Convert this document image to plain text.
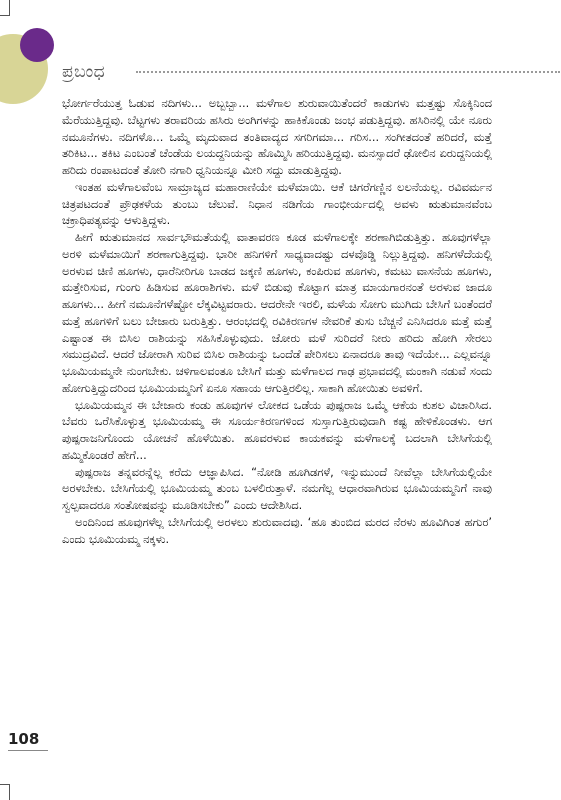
ಪ್ರಬಂಧ

ಭೋರ್ಗರೆಯುತ್ತ ಓಡುವ ನದಿಗಳು... ಅಬ್ಬಬ್ಬಾ... ಮಳೆಗಾಲ ಶುರುವಾಯಿತೆಂದರೆ ಕಾಡುಗಳು ಮತ್ತಷ್ಟು ಸೊಕ್ಕಿನಿಂದ ಮೆರೆಯುತ್ತಿದ್ದವು. ಬೆಟ್ಟಗಳು ತರಾವರಿಯ ಹಸಿರು ಅಂಗಿಗಳನ್ನು ಹಾಕಿಕೊಂಡು ಜಂಭ ಪಡುತ್ತಿದ್ದವು. ಹಸಿರಿನಲ್ಲಿ ಯೇ ನೂರು ನಮೂನೆಗಳು. ನದಿಗಳೊ... ಒಮ್ಮೆ ಮೃದುವಾದ ತಂತಿವಾದ್ಯದ ಸಗರಿಗಮಾ... ಗರಿಸ... ಸಂಗೀತದಂತೆ ಹರಿದರೆ, ಮತ್ತೆ ತರಿಕಿಟ... ತಕಿಟ ಎಂಬಂತೆ ಚೆಂಡೆಯ ಲಯದ್ದನಿಯನ್ನು ಹೊಮ್ಮಿಸಿ ಹರಿಯುತ್ತಿದ್ದವು. ಮನಸ್ಸಾದರೆ ಢೋಲಿನ ಏರುದ್ದನಿಯಲ್ಲಿ ಹರಿದು ರಂಪಾಟದಂತೆ ತೋರಿ ನಗಾರಿ ಧ್ವನಿಯನ್ನೂ ಮೀರಿ ಸದ್ದು ಮಾಡುತ್ತಿದ್ದವು.

ಇಂತಹ ಮಳೆಗಾಲವೆಂಬ ಸಾಮ್ರಾಜ್ಯದ ಮಹಾರಾಣಿಯೇ ಮಳೆಮಾಯಿ. ಆಕೆ ಚಿಗರೆಗಣ್ಣಿನ ಲಲನೆಯಲ್ಲ. ರವಿವರ್ಮನ ಚಿತ್ರಪಟದಂತೆ ಪ್ರೌಢಕಳೆಯ ತುಂಬು ಚೆಲುವೆ. ನಿಧಾನ ನಡಿಗೆಯ ಗಾಂಭೀರ್ಯದಲ್ಲಿ ಅವಳು ಋತುಮಾನವೆಂಬ ಚಕ್ರಾಧಿಪತ್ಯವನ್ನು ಆಳುತ್ತಿದ್ದಳು.

ಹೀಗೆ ಋತುಮಾನದ ಸಾರ್ವಭೌಮತೆಯಲ್ಲಿ ವಾತಾವರಣ ಕೂಡ ಮಳೆಗಾಲಕ್ಕೇ ಶರಣಾಗಿಬಿಡುತ್ತಿತ್ತು. ಹೂವುಗಳೆಲ್ಲಾ ಅರಳಿ ಮಳೆಮಾಯಿಗೆ ಶರಣಾಗುತ್ತಿದ್ದವು. ಭಾರೀ ಹನಿಗಳಿಗೆ ಸಾಧ್ಯವಾದಷ್ಟು ದಳವೊಡ್ಡಿ ನಿಲ್ಲುತ್ತಿದ್ದವು. ಹನಿಗಳೆದೆಯಲ್ಲಿ ಅರಳುವ ಚಿಣಿ ಹೂಗಳು, ಧಾರೆನೀರಿಗೂ ಬಾಡದ ಜಕ್ಕಣಿ ಹೂಗಳು, ಕಂಪಿರುವ ಹೂಗಳು, ಕಮಟು ವಾಸನೆಯ ಹೂಗಳು, ಮತ್ತೇರಿಸುವ, ಗುಂಗು ಹಿಡಿಸುವ ಹೂರಾಶಿಗಳು. ಮಳೆ ಬಿಡುವು ಕೊಟ್ಟಾಗ ಮಾತ್ರ ಮಾಯಗಾರನಂತೆ ಅರಳುವ ಜಾದೂ ಹೂಗಳು... ಹೀಗೆ ನಮೂನೆಗಳೆಷ್ಟೋ ಲೆಕ್ಕವಿಟ್ಟವರಾರು. ಆದರೇನೇ ಇರಲಿ, ಮಳೆಯ ಸೋಗು ಮುಗಿದು ಬೇಸಿಗೆ ಬಂತೆಂದರೆ ಮತ್ತೆ ಹೂಗಳಿಗೆ ಬಲು ಬೇಜಾರು ಬರುತ್ತಿತ್ತು. ಆರಂಭದಲ್ಲಿ ರವಿಕಿರಣಗಳ ನೇವರಿಕೆ ತುಸು ಬೆಚ್ಚನೆ ಎನಿಸಿದರೂ ಮತ್ತೆ ಮತ್ತೆ ಎಷ್ಟಾಂತ ಈ ಬಿಸಿಲ ರಾಶಿಯನ್ನು ಸಹಿಸಿಕೊಳ್ಳುವುದು. ಜೋರು ಮಳೆ ಸುರಿದರೆ ನೀರು ಹರಿದು ಹೋಗಿ ಸೇರಲು ಸಮುದ್ರವಿದೆ. ಆದರೆ ಜೋರಾಗಿ ಸುರಿವ ಬಿಸಿಲ ರಾಶಿಯನ್ನು ಒಂದೆಡೆ ಪೇರಿಸಲು ಏನಾದರೂ ತಾವು ಇದೆಯೇ... ಎಲ್ಲವನ್ನೂ ಭೂಮಿಯಮ್ಮನೇ ನುಂಗಬೇಕು. ಚಳಿಗಾಲವಂತೂ ಬೇಸಿಗೆ ಮತ್ತು ಮಳೆಗಾಲದ ಗಾಢ ಪ್ರಭಾವದಲ್ಲಿ ಮಂಕಾಗಿ ನಡುವೆ ಸಂದು ಹೋಗುತ್ತಿದ್ದುದರಿಂದ ಭೂಮಿಯಮ್ಮನಿಗೆ ಏನೂ ಸಹಾಯ ಆಗುತ್ತಿರಲಿಲ್ಲ. ಸಾಕಾಗಿ ಹೋಯಿತು ಅವಳಿಗೆ.

ಭೂಮಿಯಮ್ಮನ ಈ ಬೇಜಾರು ಕಂಡು ಹೂವುಗಳ ಲೋಕದ ಒಡೆಯ ಪುಷ್ಪರಾಜ ಒಮ್ಮೆ ಆಕೆಯ ಕುಶಲ ವಿಚಾರಿಸಿದ. ಬೆವರು ಒರೆಸಿಕೊಳ್ಳುತ್ತ ಭೂಮಿಯಮ್ಮ ಈ ಸೂರ್ಯಕಿರಣಗಳಿಂದ ಸುಸ್ತಾಗುತ್ತಿರುವುದಾಗಿ ಕಷ್ಟ ಹೇಳಿಕೊಂಡಳು. ಆಗ ಪುಷ್ಪರಾಜನಿಗೊಂದು ಯೋಚನೆ ಹೊಳೆಯಿತು. ಹೂವರಳುವ ಕಾಯಕವನ್ನು ಮಳೆಗಾಲಕ್ಕೆ ಬದಲಾಗಿ ಬೇಸಿಗೆಯಲ್ಲಿ ಹಮ್ಮಿಕೊಂಡರೆ ಹೇಗೆ...

ಪುಷ್ಪರಾಜ ತನ್ನವರನ್ನೆಲ್ಲ ಕರೆದು ಆಜ್ಞಾಪಿಸಿದ. “ನೋಡಿ ಹೂಗಿಡಗಳೆ, ಇನ್ನುಮುಂದೆ ನೀವೆಲ್ಲಾ ಬೇಸಿಗೆಯಲ್ಲಿಯೇ ಅರಳಬೇಕು. ಬೇಸಿಗೆಯಲ್ಲಿ ಭೂಮಿಯಮ್ಮ ತುಂಬ ಬಳಲಿರುತ್ತಾಳೆ. ನಮಗೆಲ್ಲ ಆಧಾರವಾಗಿರುವ ಭೂಮಿಯಮ್ಮನಿಗೆ ನಾವು ಸ್ವಲ್ಪವಾದರೂ ಸಂತೋಷವನ್ನು ಮೂಡಿಸಬೇಕು” ಎಂದು ಆದೇಶಿಸಿದ.

ಅಂದಿನಿಂದ ಹೂವುಗಳೆಲ್ಲ ಬೇಸಿಗೆಯಲ್ಲಿ ಅರಳಲು ಶುರುವಾದವು. ‘ಹೂ ತುಂಬಿದ ಮರದ ನೆರಳು ಹೂವಿಗಿಂತ ಹಗುರ’ ಎಂದು ಭೂಮಿಯಮ್ಮ ನಕ್ಕಳು.

108
